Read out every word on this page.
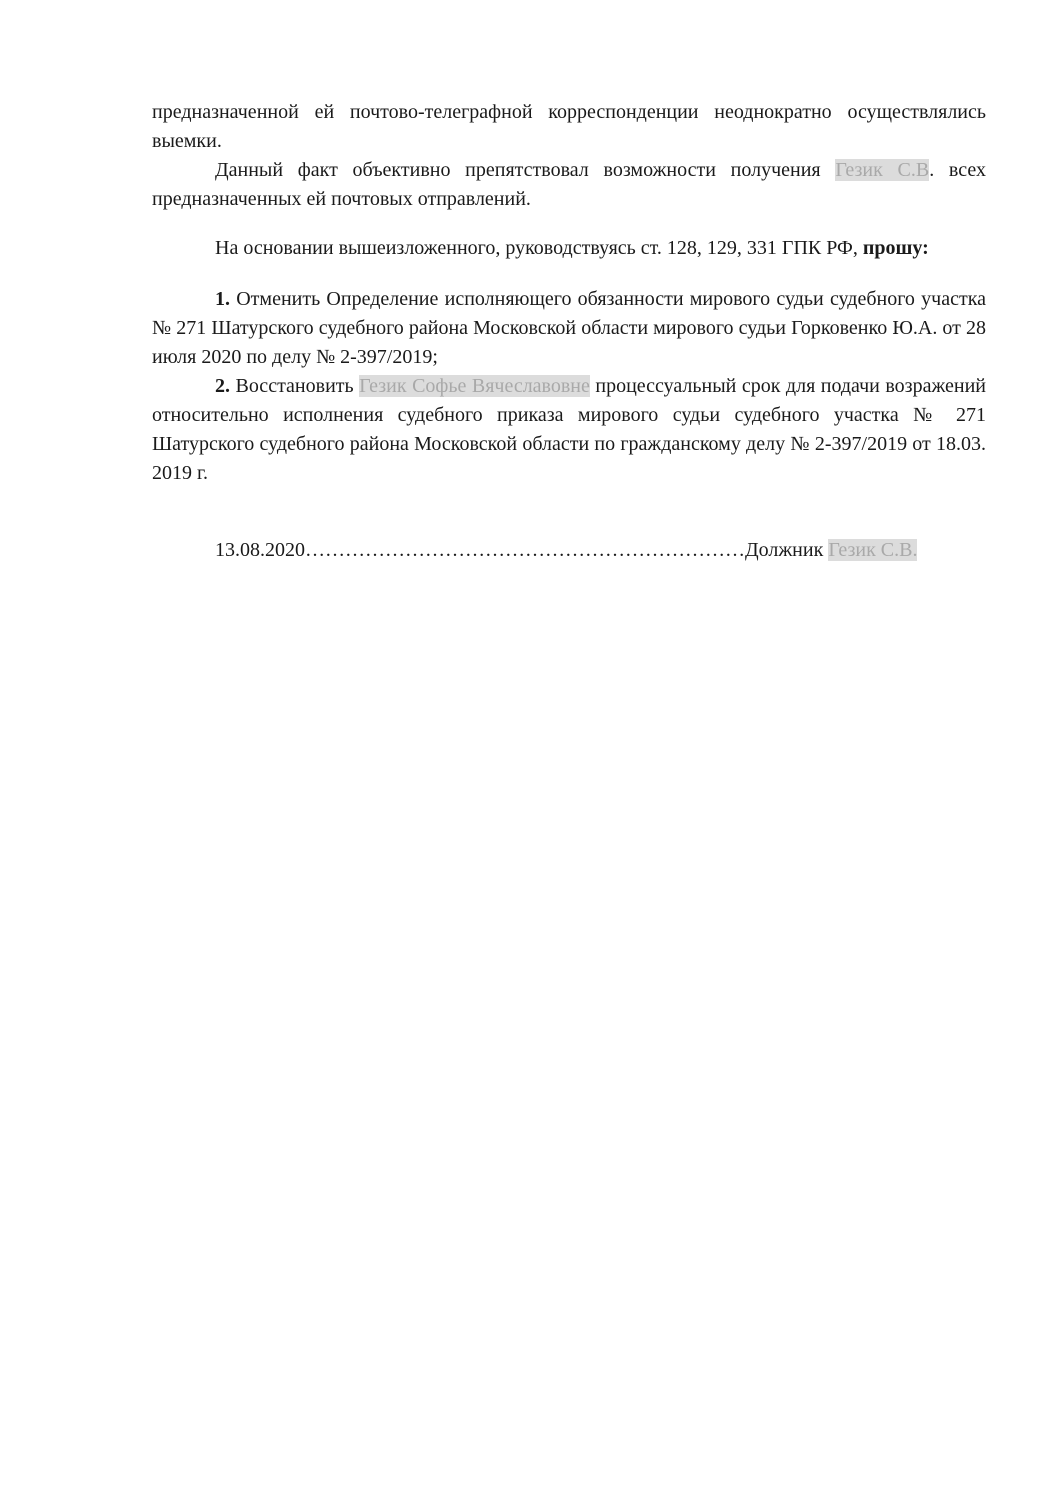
предназначенной ей почтово-телеграфной корреспонденции неоднократно осуществлялись выемки.

Данный факт объективно препятствовал возможности получения Гезик С.В. всех предназначенных ей почтовых отправлений.

На основании вышеизложенного, руководствуясь ст. 128, 129, 331 ГПК РФ, прошу:

1. Отменить Определение исполняющего обязанности мирового судьи судебного участка № 271 Шатурского судебного района Московской области мирового судьи Горковенко Ю.А. от 28 июля 2020 по делу № 2-397/2019;

2. Восстановить Гезик Софье Вячеславовне процессуальный срок для подачи возражений относительно исполнения судебного приказа мирового судьи судебного участка № 271 Шатурского судебного района Московской области по гражданскому делу № 2-397/2019 от 18.03. 2019 г.

13.08.2020…………………………………………………………Должник Гезик С.В.
